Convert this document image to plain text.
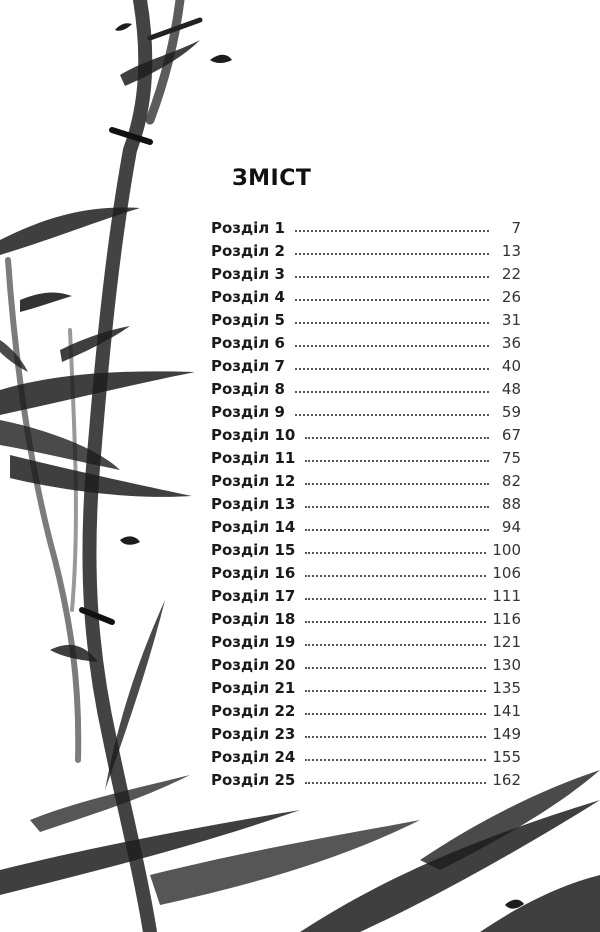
ЗМІСТ
Розділ 1	7
Розділ 2	13
Розділ 3	22
Розділ 4	26
Розділ 5	31
Розділ 6	36
Розділ 7	40
Розділ 8	48
Розділ 9	59
Розділ 10	67
Розділ 11	75
Розділ 12	82
Розділ 13	88
Розділ 14	94
Розділ 15	100
Розділ 16	106
Розділ 17	111
Розділ 18	116
Розділ 19	121
Розділ 20	130
Розділ 21	135
Розділ 22	141
Розділ 23	149
Розділ 24	155
Розділ 25	162
